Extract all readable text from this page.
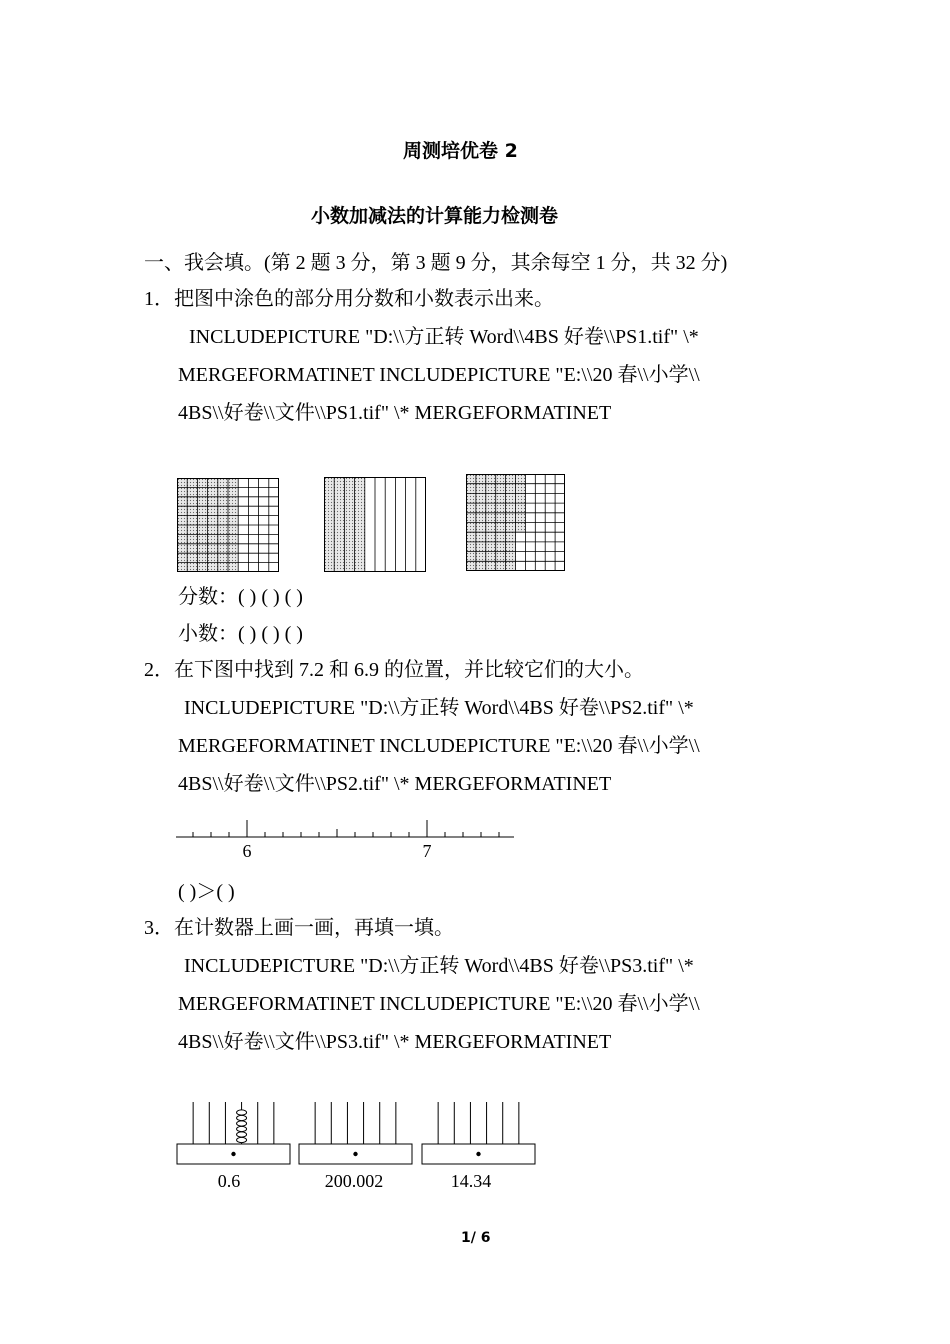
周测培优卷 2
小数加减法的计算能力检测卷
一、我会填。(第 2 题 3 分，第 3 题 9 分，其余每空 1 分，共 32 分)
1．把图中涂色的部分用分数和小数表示出来。
INCLUDEPICTURE "D:\\方正转 Word\\4BS 好卷\\PS1.tif" \*
MERGEFORMATINET INCLUDEPICTURE "E:\\20 春\\小学\\
4BS\\好卷\\文件\\PS1.tif" \* MERGEFORMATINET
分数：( ) ( ) ( )
小数：( ) ( ) ( )
2．在下图中找到 7.2 和 6.9 的位置，并比较它们的大小。
INCLUDEPICTURE "D:\\方正转 Word\\4BS 好卷\\PS2.tif" \*
MERGEFORMATINET INCLUDEPICTURE "E:\\20 春\\小学\\
4BS\\好卷\\文件\\PS2.tif" \* MERGEFORMATINET
6	7
( )＞( )
3．在计数器上画一画，再填一填。
INCLUDEPICTURE "D:\\方正转 Word\\4BS 好卷\\PS3.tif" \*
MERGEFORMATINET INCLUDEPICTURE "E:\\20 春\\小学\\
4BS\\好卷\\文件\\PS3.tif" \* MERGEFORMATINET
0.6	200.002	14.34
1/ 6
